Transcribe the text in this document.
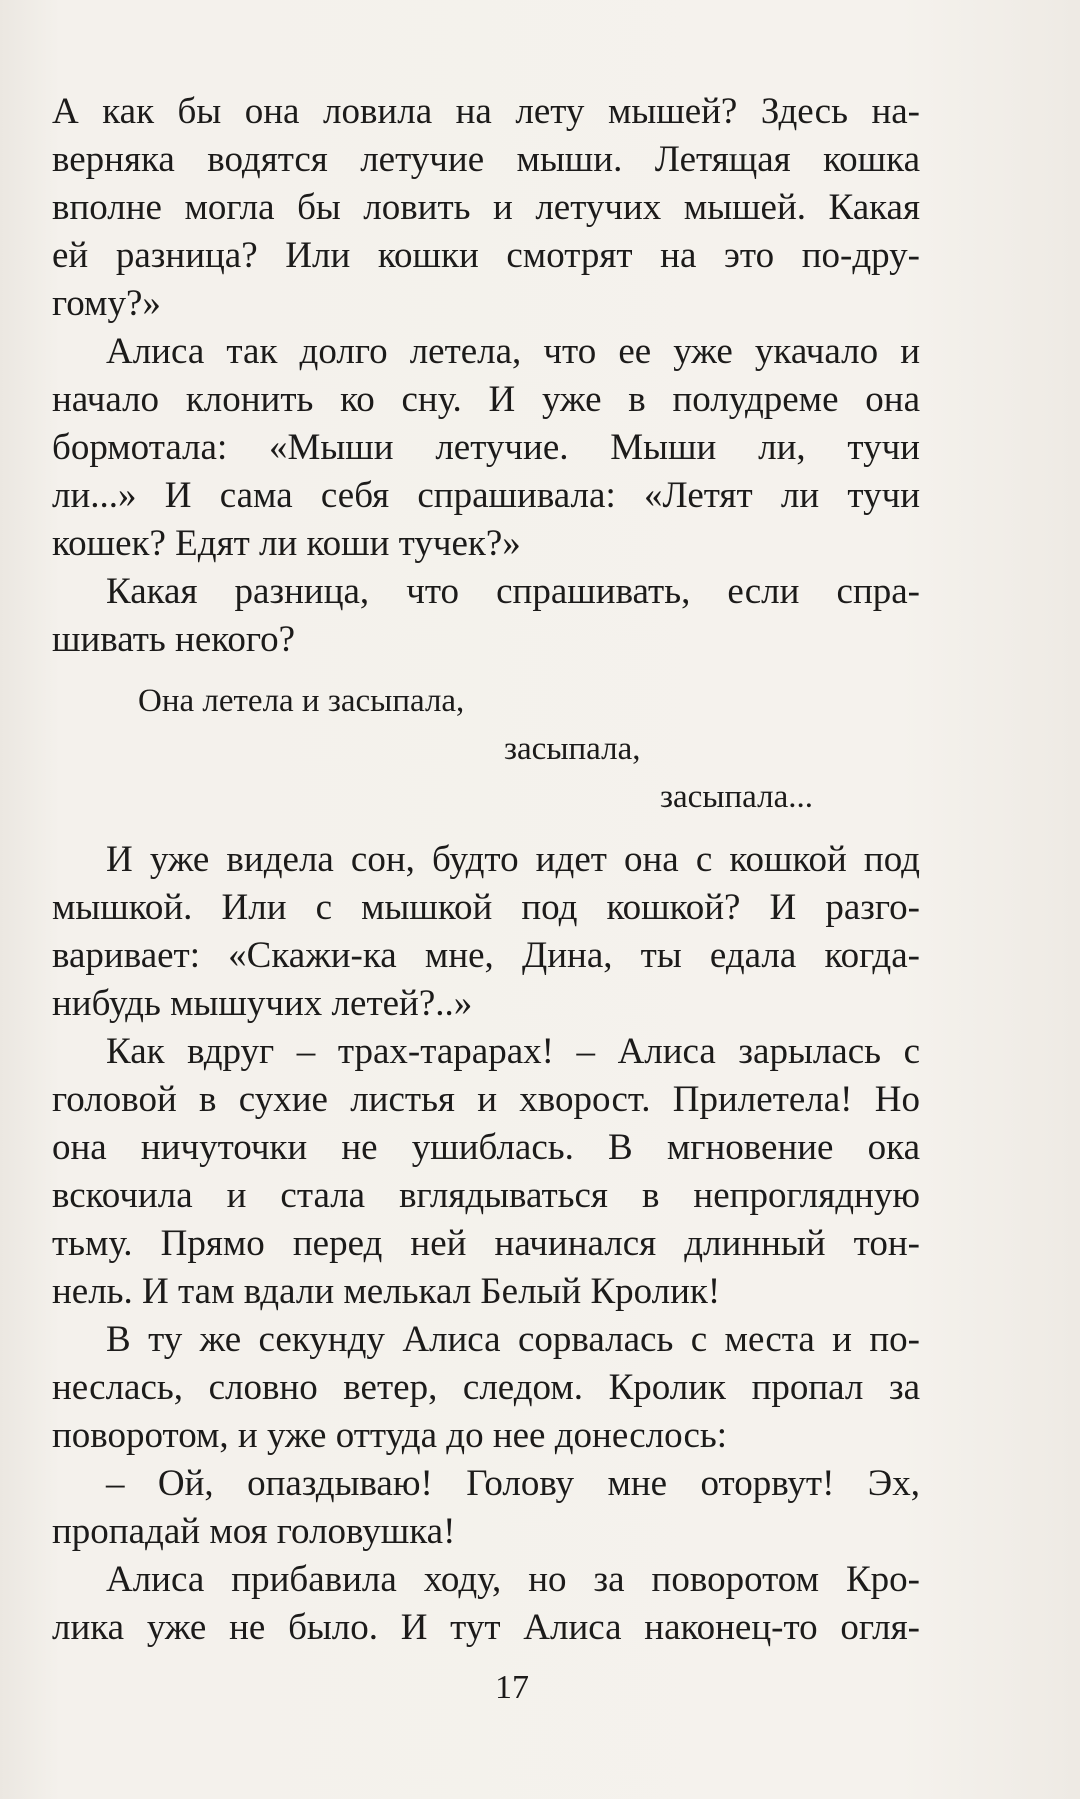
А как бы она ловила на лету мышей? Здесь на-
верняка водятся летучие мыши. Летящая кошка
вполне могла бы ловить и летучих мышей. Какая
ей разница? Или кошки смотрят на это по-дру-
гому?»
Алиса так долго летела, что ее уже укачало и
начало клонить ко сну. И уже в полудреме она
бормотала: «Мыши летучие. Мыши ли, тучи
ли...» И сама себя спрашивала: «Летят ли тучи
кошек? Едят ли коши тучек?»
Какая разница, что спрашивать, если спра-
шивать некого?
Она летела и засыпала,
засыпала,
засыпала...
И уже видела сон, будто идет она с кошкой под
мышкой. Или с мышкой под кошкой? И разго-
варивает: «Скажи-ка мне, Дина, ты едала когда-
нибудь мышучих летей?..»
Как вдруг – трах-тарарах! – Алиса зарылась с
головой в сухие листья и хворост. Прилетела! Но
она ничуточки не ушиблась. В мгновение ока
вскочила и стала вглядываться в непроглядную
тьму. Прямо перед ней начинался длинный тон-
нель. И там вдали мелькал Белый Кролик!
В ту же секунду Алиса сорвалась с места и по-
неслась, словно ветер, следом. Кролик пропал за
поворотом, и уже оттуда до нее донеслось:
– Ой, опаздываю! Голову мне оторвут! Эх,
пропадай моя головушка!
Алиса прибавила ходу, но за поворотом Кро-
лика уже не было. И тут Алиса наконец-то огля-
17
